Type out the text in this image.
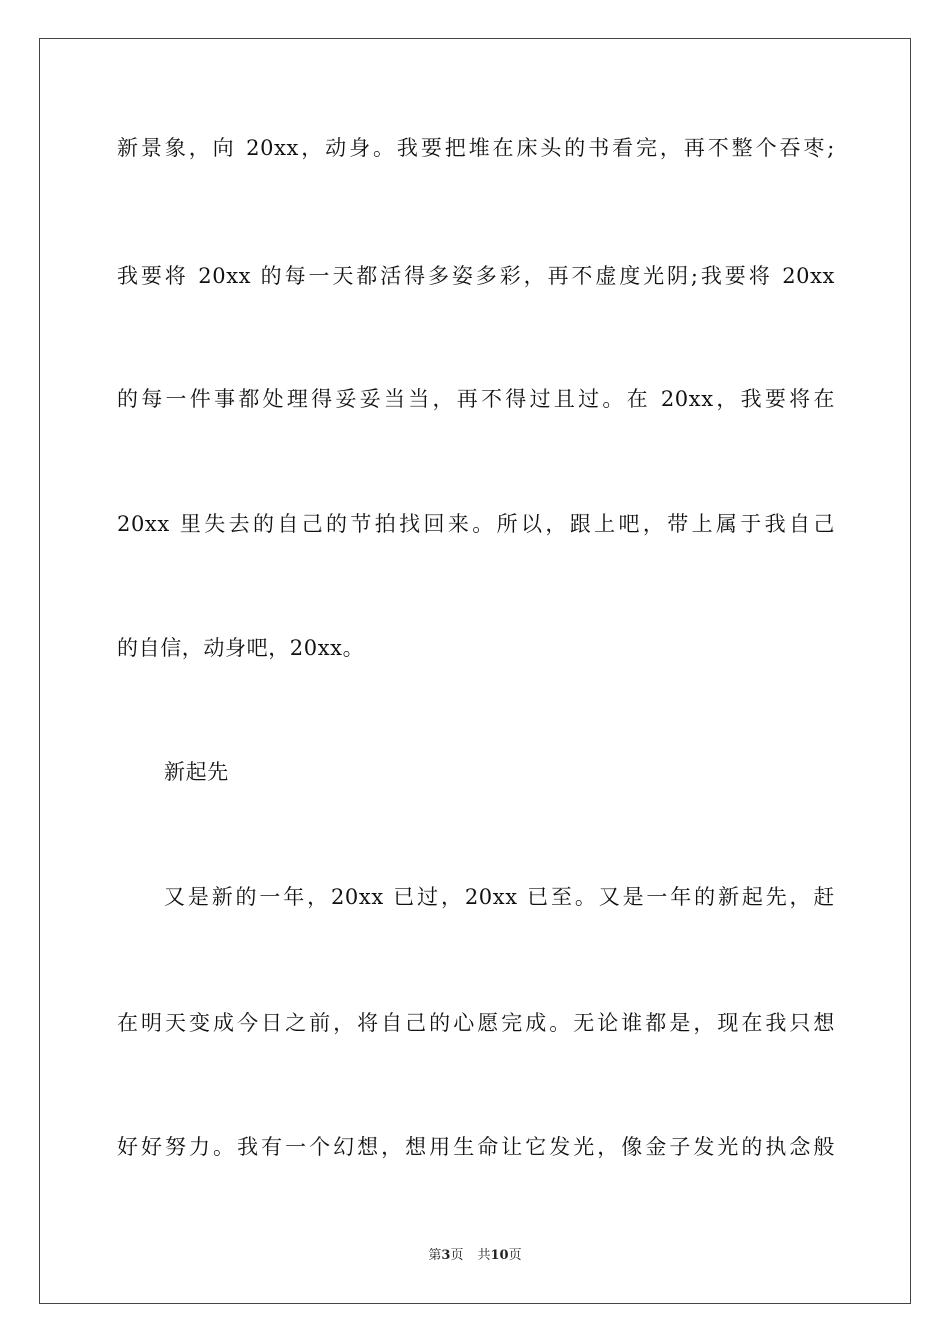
新景象，向 20xx，动身。我要把堆在床头的书看完，再不整个吞枣;
我要将 20xx 的每一天都活得多姿多彩，再不虚度光阴;我要将 20xx
的每一件事都处理得妥妥当当，再不得过且过。在 20xx，我要将在
20xx 里失去的自己的节拍找回来。所以，跟上吧，带上属于我自己
的自信，动身吧，20xx。
新起先
又是新的一年，20xx 已过，20xx 已至。又是一年的新起先，赶
在明天变成今日之前，将自己的心愿完成。无论谁都是，现在我只想
好好努力。我有一个幻想，想用生命让它发光，像金子发光的执念般
第3页 共10页
